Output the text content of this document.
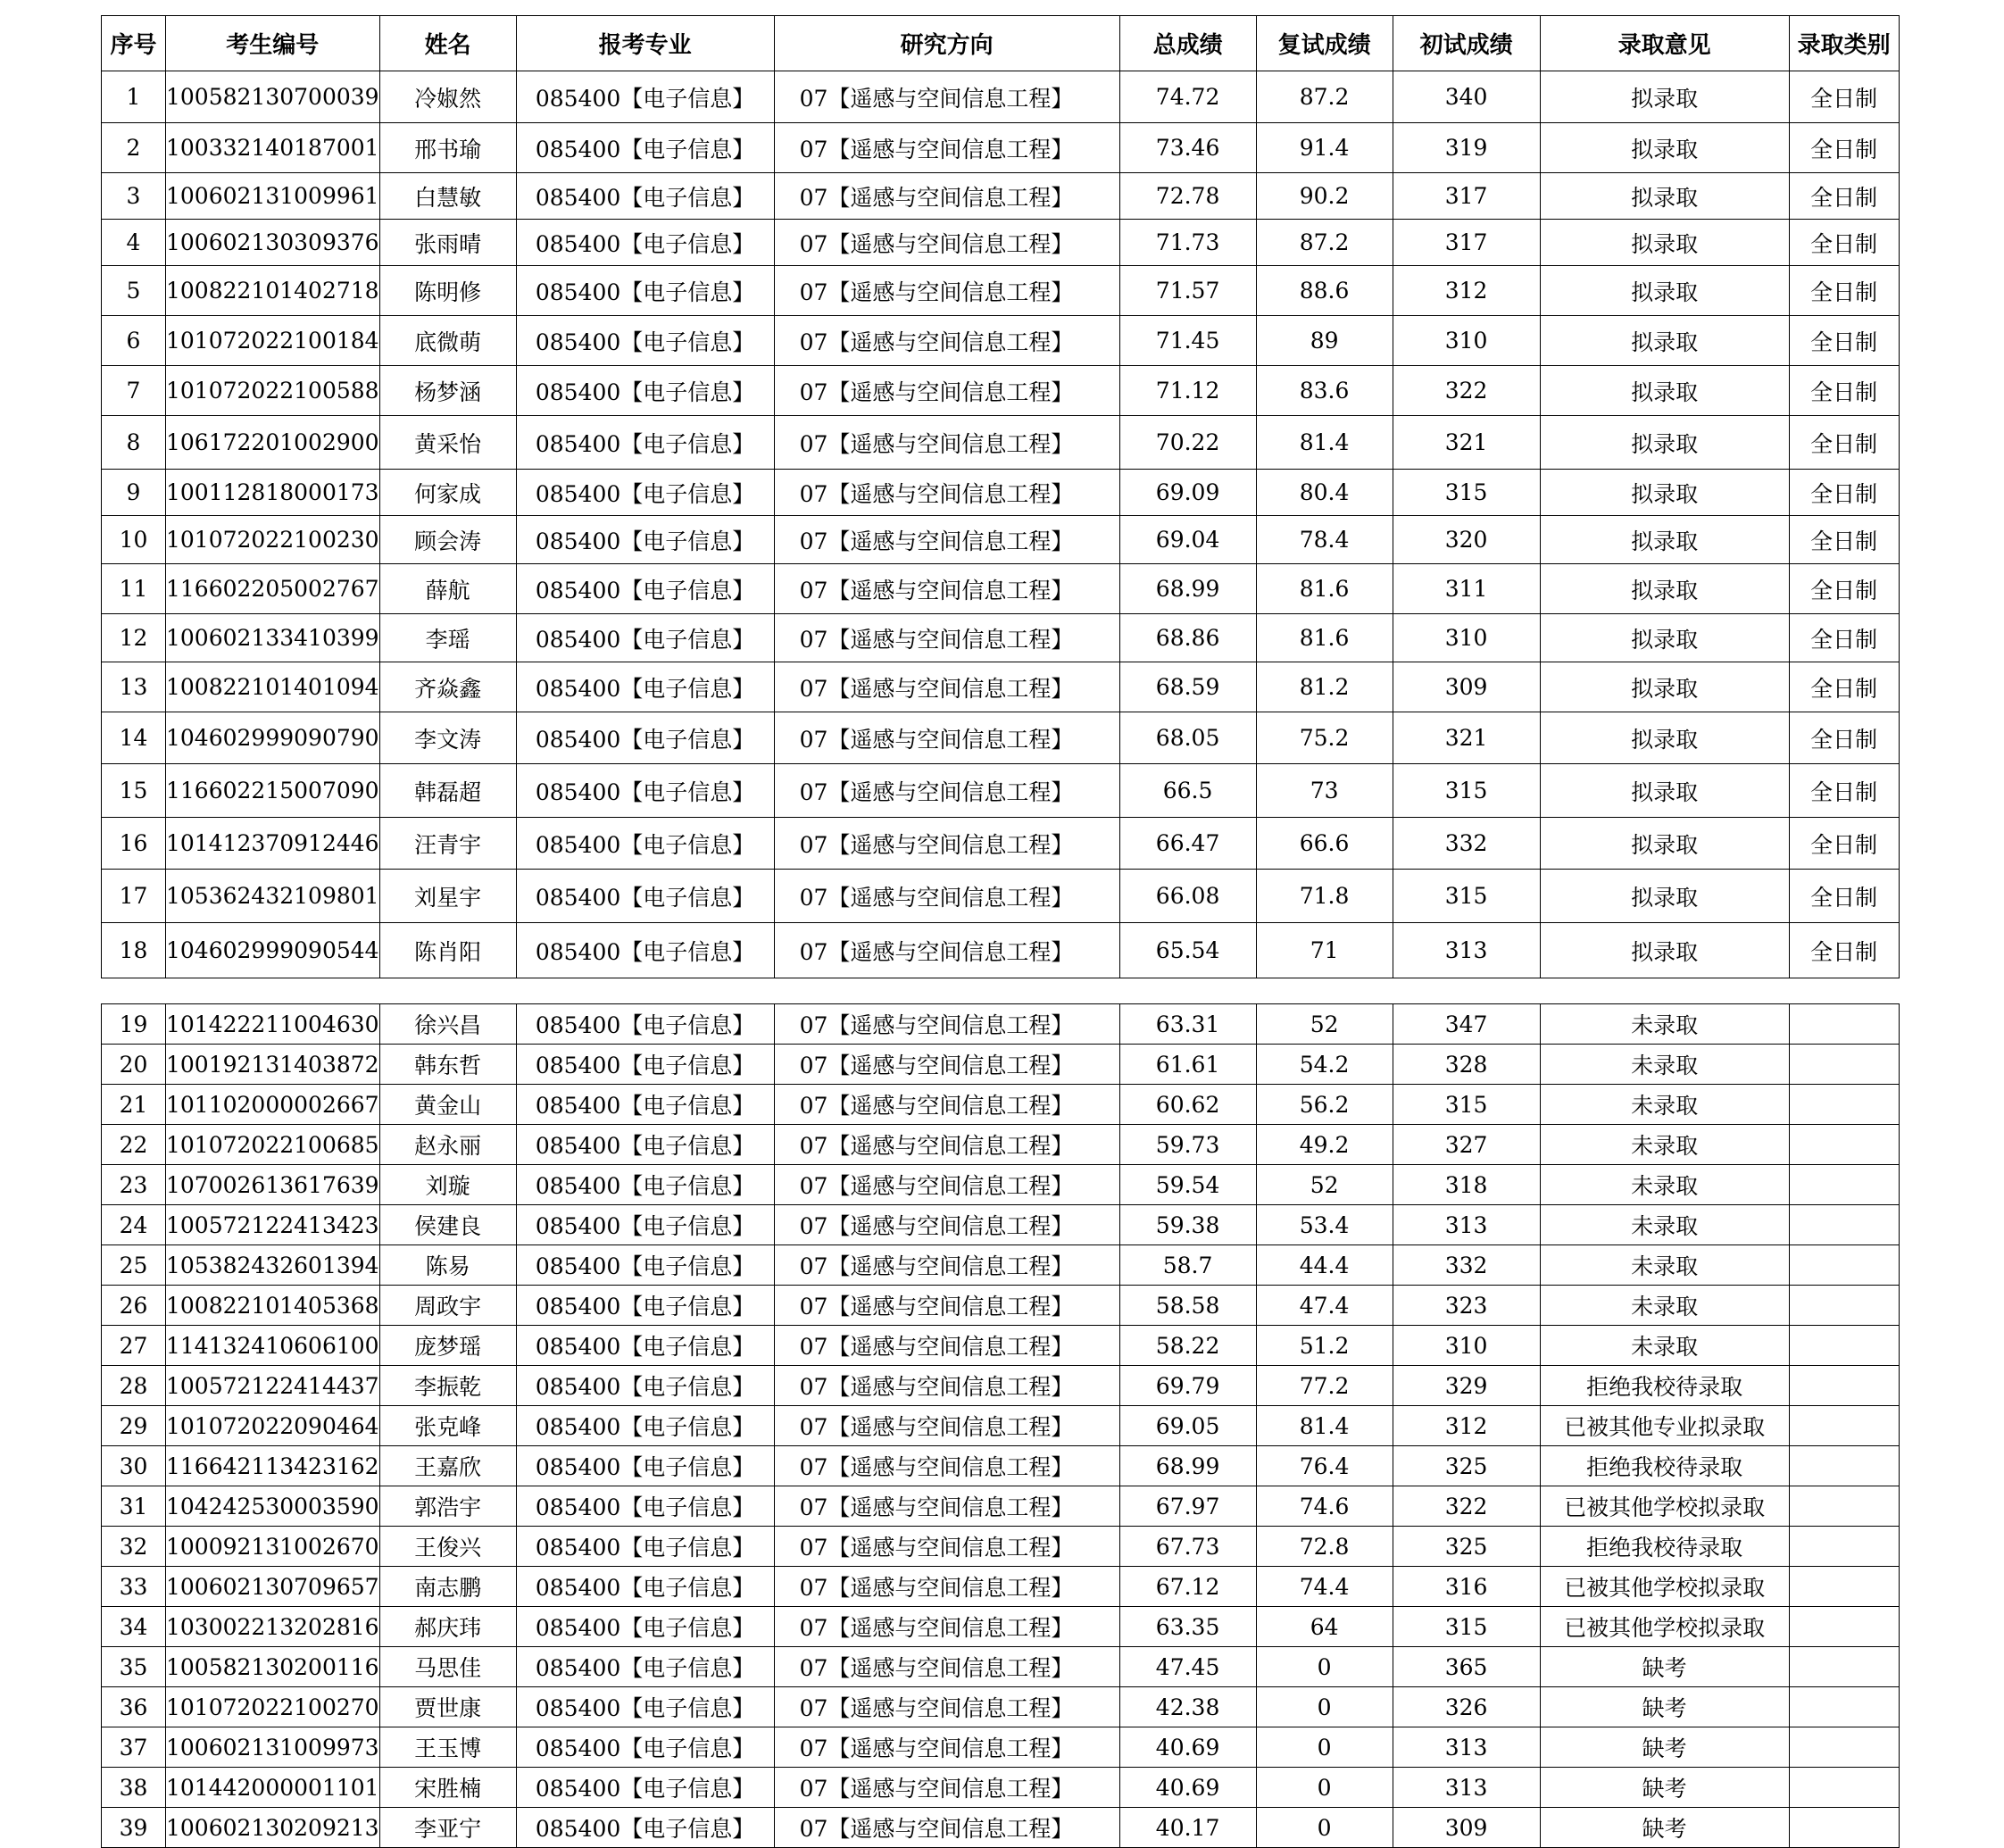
序号	考生编号	姓名	报考专业	研究方向	总成绩	复试成绩	初试成绩	录取意见	录取类别
1	100582130700039	冷婌然	085400【电子信息】	07【遥感与空间信息工程】	74.72	87.2	340	拟录取	全日制
2	100332140187001	邢书瑜	085400【电子信息】	07【遥感与空间信息工程】	73.46	91.4	319	拟录取	全日制
3	100602131009961	白慧敏	085400【电子信息】	07【遥感与空间信息工程】	72.78	90.2	317	拟录取	全日制
4	100602130309376	张雨晴	085400【电子信息】	07【遥感与空间信息工程】	71.73	87.2	317	拟录取	全日制
5	100822101402718	陈明修	085400【电子信息】	07【遥感与空间信息工程】	71.57	88.6	312	拟录取	全日制
6	101072022100184	底微萌	085400【电子信息】	07【遥感与空间信息工程】	71.45	89	310	拟录取	全日制
7	101072022100588	杨梦涵	085400【电子信息】	07【遥感与空间信息工程】	71.12	83.6	322	拟录取	全日制
8	106172201002900	黄采怡	085400【电子信息】	07【遥感与空间信息工程】	70.22	81.4	321	拟录取	全日制
9	100112818000173	何家成	085400【电子信息】	07【遥感与空间信息工程】	69.09	80.4	315	拟录取	全日制
10	101072022100230	顾会涛	085400【电子信息】	07【遥感与空间信息工程】	69.04	78.4	320	拟录取	全日制
11	116602205002767	薛航	085400【电子信息】	07【遥感与空间信息工程】	68.99	81.6	311	拟录取	全日制
12	100602133410399	李瑶	085400【电子信息】	07【遥感与空间信息工程】	68.86	81.6	310	拟录取	全日制
13	100822101401094	齐焱鑫	085400【电子信息】	07【遥感与空间信息工程】	68.59	81.2	309	拟录取	全日制
14	104602999090790	李文涛	085400【电子信息】	07【遥感与空间信息工程】	68.05	75.2	321	拟录取	全日制
15	116602215007090	韩磊超	085400【电子信息】	07【遥感与空间信息工程】	66.5	73	315	拟录取	全日制
16	101412370912446	汪青宇	085400【电子信息】	07【遥感与空间信息工程】	66.47	66.6	332	拟录取	全日制
17	105362432109801	刘星宇	085400【电子信息】	07【遥感与空间信息工程】	66.08	71.8	315	拟录取	全日制
18	104602999090544	陈肖阳	085400【电子信息】	07【遥感与空间信息工程】	65.54	71	313	拟录取	全日制
19	101422211004630	徐兴昌	085400【电子信息】	07【遥感与空间信息工程】	63.31	52	347	未录取	
20	100192131403872	韩东哲	085400【电子信息】	07【遥感与空间信息工程】	61.61	54.2	328	未录取	
21	101102000002667	黄金山	085400【电子信息】	07【遥感与空间信息工程】	60.62	56.2	315	未录取	
22	101072022100685	赵永丽	085400【电子信息】	07【遥感与空间信息工程】	59.73	49.2	327	未录取	
23	107002613617639	刘璇	085400【电子信息】	07【遥感与空间信息工程】	59.54	52	318	未录取	
24	100572122413423	侯建良	085400【电子信息】	07【遥感与空间信息工程】	59.38	53.4	313	未录取	
25	105382432601394	陈易	085400【电子信息】	07【遥感与空间信息工程】	58.7	44.4	332	未录取	
26	100822101405368	周政宇	085400【电子信息】	07【遥感与空间信息工程】	58.58	47.4	323	未录取	
27	114132410606100	庞梦瑶	085400【电子信息】	07【遥感与空间信息工程】	58.22	51.2	310	未录取	
28	100572122414437	李振乾	085400【电子信息】	07【遥感与空间信息工程】	69.79	77.2	329	拒绝我校待录取	
29	101072022090464	张克峰	085400【电子信息】	07【遥感与空间信息工程】	69.05	81.4	312	已被其他专业拟录取	
30	116642113423162	王嘉欣	085400【电子信息】	07【遥感与空间信息工程】	68.99	76.4	325	拒绝我校待录取	
31	104242530003590	郭浩宇	085400【电子信息】	07【遥感与空间信息工程】	67.97	74.6	322	已被其他学校拟录取	
32	100092131002670	王俊兴	085400【电子信息】	07【遥感与空间信息工程】	67.73	72.8	325	拒绝我校待录取	
33	100602130709657	南志鹏	085400【电子信息】	07【遥感与空间信息工程】	67.12	74.4	316	已被其他学校拟录取	
34	103002213202816	郝庆玮	085400【电子信息】	07【遥感与空间信息工程】	63.35	64	315	已被其他学校拟录取	
35	100582130200116	马思佳	085400【电子信息】	07【遥感与空间信息工程】	47.45	0	365	缺考	
36	101072022100270	贾世康	085400【电子信息】	07【遥感与空间信息工程】	42.38	0	326	缺考	
37	100602131009973	王玉博	085400【电子信息】	07【遥感与空间信息工程】	40.69	0	313	缺考	
38	101442000001101	宋胜楠	085400【电子信息】	07【遥感与空间信息工程】	40.69	0	313	缺考	
39	100602130209213	李亚宁	085400【电子信息】	07【遥感与空间信息工程】	40.17	0	309	缺考	
